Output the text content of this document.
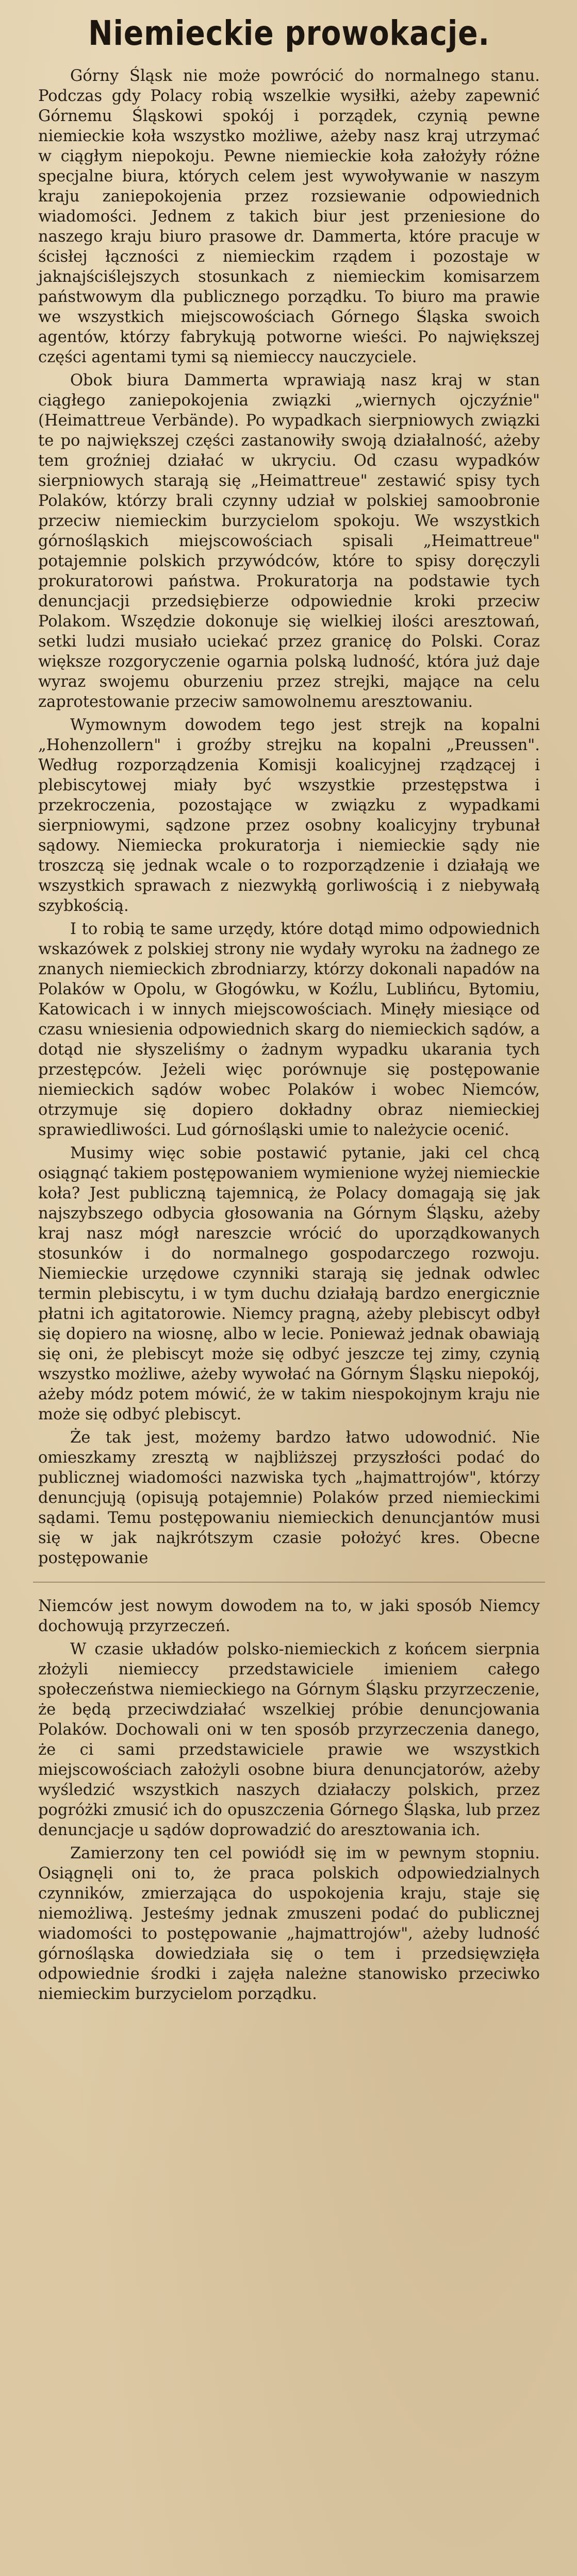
Niemieckie prowokacje.

Górny Śląsk nie może powrócić do normalnego stanu. Podczas gdy Polacy robią wszelkie wysiłki, ażeby zapewnić Górnemu Śląskowi spokój i porządek, czynią pewne niemieckie koła wszystko możliwe, ażeby nasz kraj utrzymać w ciągłym niepokoju. Pewne niemieckie koła założyły różne specjalne biura, których celem jest wywoływanie w naszym kraju zaniepokojenia przez rozsiewanie odpowiednich wiadomości. Jednem z takich biur jest przeniesione do naszego kraju biuro prasowe dr. Dammerta, które pracuje w ścisłej łączności z niemieckim rządem i pozostaje w jaknajściślejszych stosunkach z niemieckim komisarzem państwowym dla publicznego porządku. To biuro ma prawie we wszystkich miejscowościach Górnego Śląska swoich agentów, którzy fabrykują potworne wieści. Po największej części agentami tymi są niemieccy nauczyciele.

Obok biura Dammerta wprawiają nasz kraj w stan ciągłego zaniepokojenia związki „wiernych ojczyźnie" (Heimattreue Verbände). Po wypadkach sierpniowych związki te po największej części zastanowiły swoją działalność, ażeby tem groźniej działać w ukryciu. Od czasu wypadków sierpniowych starają się „Heimattreue" zestawić spisy tych Polaków, którzy brali czynny udział w polskiej samoobronie przeciw niemieckim burzycielom spokoju. We wszystkich górnośląskich miejscowościach spisali „Heimattreue" potajemnie polskich przywódców, które to spisy doręczyli prokuratorowi państwa. Prokuratorja na podstawie tych denuncjacji przedsiębierze odpowiednie kroki przeciw Polakom. Wszędzie dokonuje się wielkiej ilości aresztowań, setki ludzi musiało uciekać przez granicę do Polski. Coraz większe rozgoryczenie ogarnia polską ludność, która już daje wyraz swojemu oburzeniu przez strejki, mające na celu zaprotestowanie przeciw samowolnemu aresztowaniu.

Wymownym dowodem tego jest strejk na kopalni „Hohenzollern" i groźby strejku na kopalni „Preussen". Według rozporządzenia Komisji koalicyjnej rządzącej i plebiscytowej miały być wszystkie przestępstwa i przekroczenia, pozostające w związku z wypadkami sierpniowymi, sądzone przez osobny koalicyjny trybunał sądowy. Niemiecka prokuratorja i niemieckie sądy nie troszczą się jednak wcale o to rozporządzenie i działają we wszystkich sprawach z niezwykłą gorliwością i z niebywałą szybkością.

I to robią te same urzędy, które dotąd mimo odpowiednich wskazówek z polskiej strony nie wydały wyroku na żadnego ze znanych niemieckich zbrodniarzy, którzy dokonali napadów na Polaków w Opolu, w Głogówku, w Koźlu, Lublińcu, Bytomiu, Katowicach i w innych miejscowościach. Minęły miesiące od czasu wniesienia odpowiednich skarg do niemieckich sądów, a dotąd nie słyszeliśmy o żadnym wypadku ukarania tych przestępców. Jeżeli więc porównuje się postępowanie niemieckich sądów wobec Polaków i wobec Niemców, otrzymuje się dopiero dokładny obraz niemieckiej sprawiedliwości. Lud górnośląski umie to należycie ocenić.

Musimy więc sobie postawić pytanie, jaki cel chcą osiągnąć takiem postępowaniem wymienione wyżej niemieckie koła? Jest publiczną tajemnicą, że Polacy domagają się jak najszybszego odbycia głosowania na Górnym Śląsku, ażeby kraj nasz mógł nareszcie wrócić do uporządkowanych stosunków i do normalnego gospodarczego rozwoju. Niemieckie urzędowe czynniki starają się jednak odwlec termin plebiscytu, i w tym duchu działają bardzo energicznie płatni ich agitatorowie. Niemcy pragną, ażeby plebiscyt odbył się dopiero na wiosnę, albo w lecie. Ponieważ jednak obawiają się oni, że plebiscyt może się odbyć jeszcze tej zimy, czynią wszystko możliwe, ażeby wywołać na Górnym Śląsku niepokój, ażeby módz potem mówić, że w takim niespokojnym kraju nie może się odbyć plebiscyt.

Że tak jest, możemy bardzo łatwo udowodnić. Nie omieszkamy zresztą w najbliższej przyszłości podać do publicznej wiadomości nazwiska tych „hajmattrojów", którzy denuncjują (opisują potajemnie) Polaków przed niemieckimi sądami. Temu postępowaniu niemieckich denuncjantów musi się w jak najkrótszym czasie położyć kres. Obecne postępowanie

Niemców jest nowym dowodem na to, w jaki sposób Niemcy dochowują przyrzeczeń.

W czasie układów polsko-niemieckich z końcem sierpnia złożyli niemieccy przedstawiciele imieniem całego społeczeństwa niemieckiego na Górnym Śląsku przyrzeczenie, że będą przeciwdziałać wszelkiej próbie denuncjowania Polaków. Dochowali oni w ten sposób przyrzeczenia danego, że ci sami przedstawiciele prawie we wszystkich miejscowościach założyli osobne biura denuncjatorów, ażeby wyśledzić wszystkich naszych działaczy polskich, przez pogróżki zmusić ich do opuszczenia Górnego Śląska, lub przez denuncjacje u sądów doprowadzić do aresztowania ich.

Zamierzony ten cel powiódł się im w pewnym stopniu. Osiągnęli oni to, że praca polskich odpowiedzialnych czynników, zmierzająca do uspokojenia kraju, staje się niemożliwą. Jesteśmy jednak zmuszeni podać do publicznej wiadomości to postępowanie „hajmattrojów", ażeby ludność górnośląska dowiedziała się o tem i przedsięwzięła odpowiednie środki i zajęła należne stanowisko przeciwko niemieckim burzycielom porządku.
